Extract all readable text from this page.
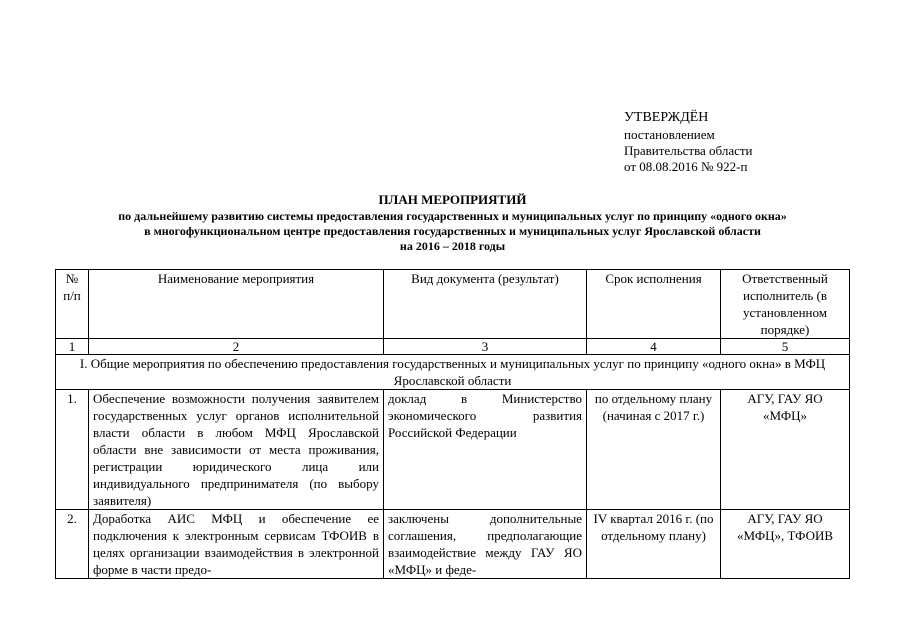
УТВЕРЖДЁН
постановлением
Правительства области
от 08.08.2016 № 922-п
ПЛАН МЕРОПРИЯТИЙ
по дальнейшему развитию системы предоставления государственных и муниципальных услуг по принципу «одного окна»
в многофункциональном центре предоставления государственных и муниципальных услуг Ярославской области
на 2016 – 2018 годы
№ п/п	Наименование мероприятия	Вид документа (результат)	Срок исполнения	Ответственный исполнитель (в установленном порядке)
1	2	3	4	5
I. Общие мероприятия по обеспечению предоставления государственных и муниципальных услуг по принципу «одного окна» в МФЦ Ярославской области				
1.	Обеспечение возможности получения заявителем государственных услуг органов исполнительной власти области в любом МФЦ Ярославской области вне зависимости от места проживания, регистрации юридического лица или индивидуального предпринимателя (по выбору заявителя)	доклад в Министерство экономического развития Российской Федерации	по отдельному плану (начиная с 2017 г.)	АГУ, ГАУ ЯО «МФЦ»
2.	Доработка АИС МФЦ и обеспечение ее подключения к электронным сервисам ТФОИВ в целях организации взаимодействия в электронной форме в части предо-	заключены дополнительные соглашения, предполагающие взаимодействие между ГАУ ЯО «МФЦ» и феде-	IV квартал 2016 г. (по отдельному плану)	АГУ, ГАУ ЯО «МФЦ», ТФОИВ
